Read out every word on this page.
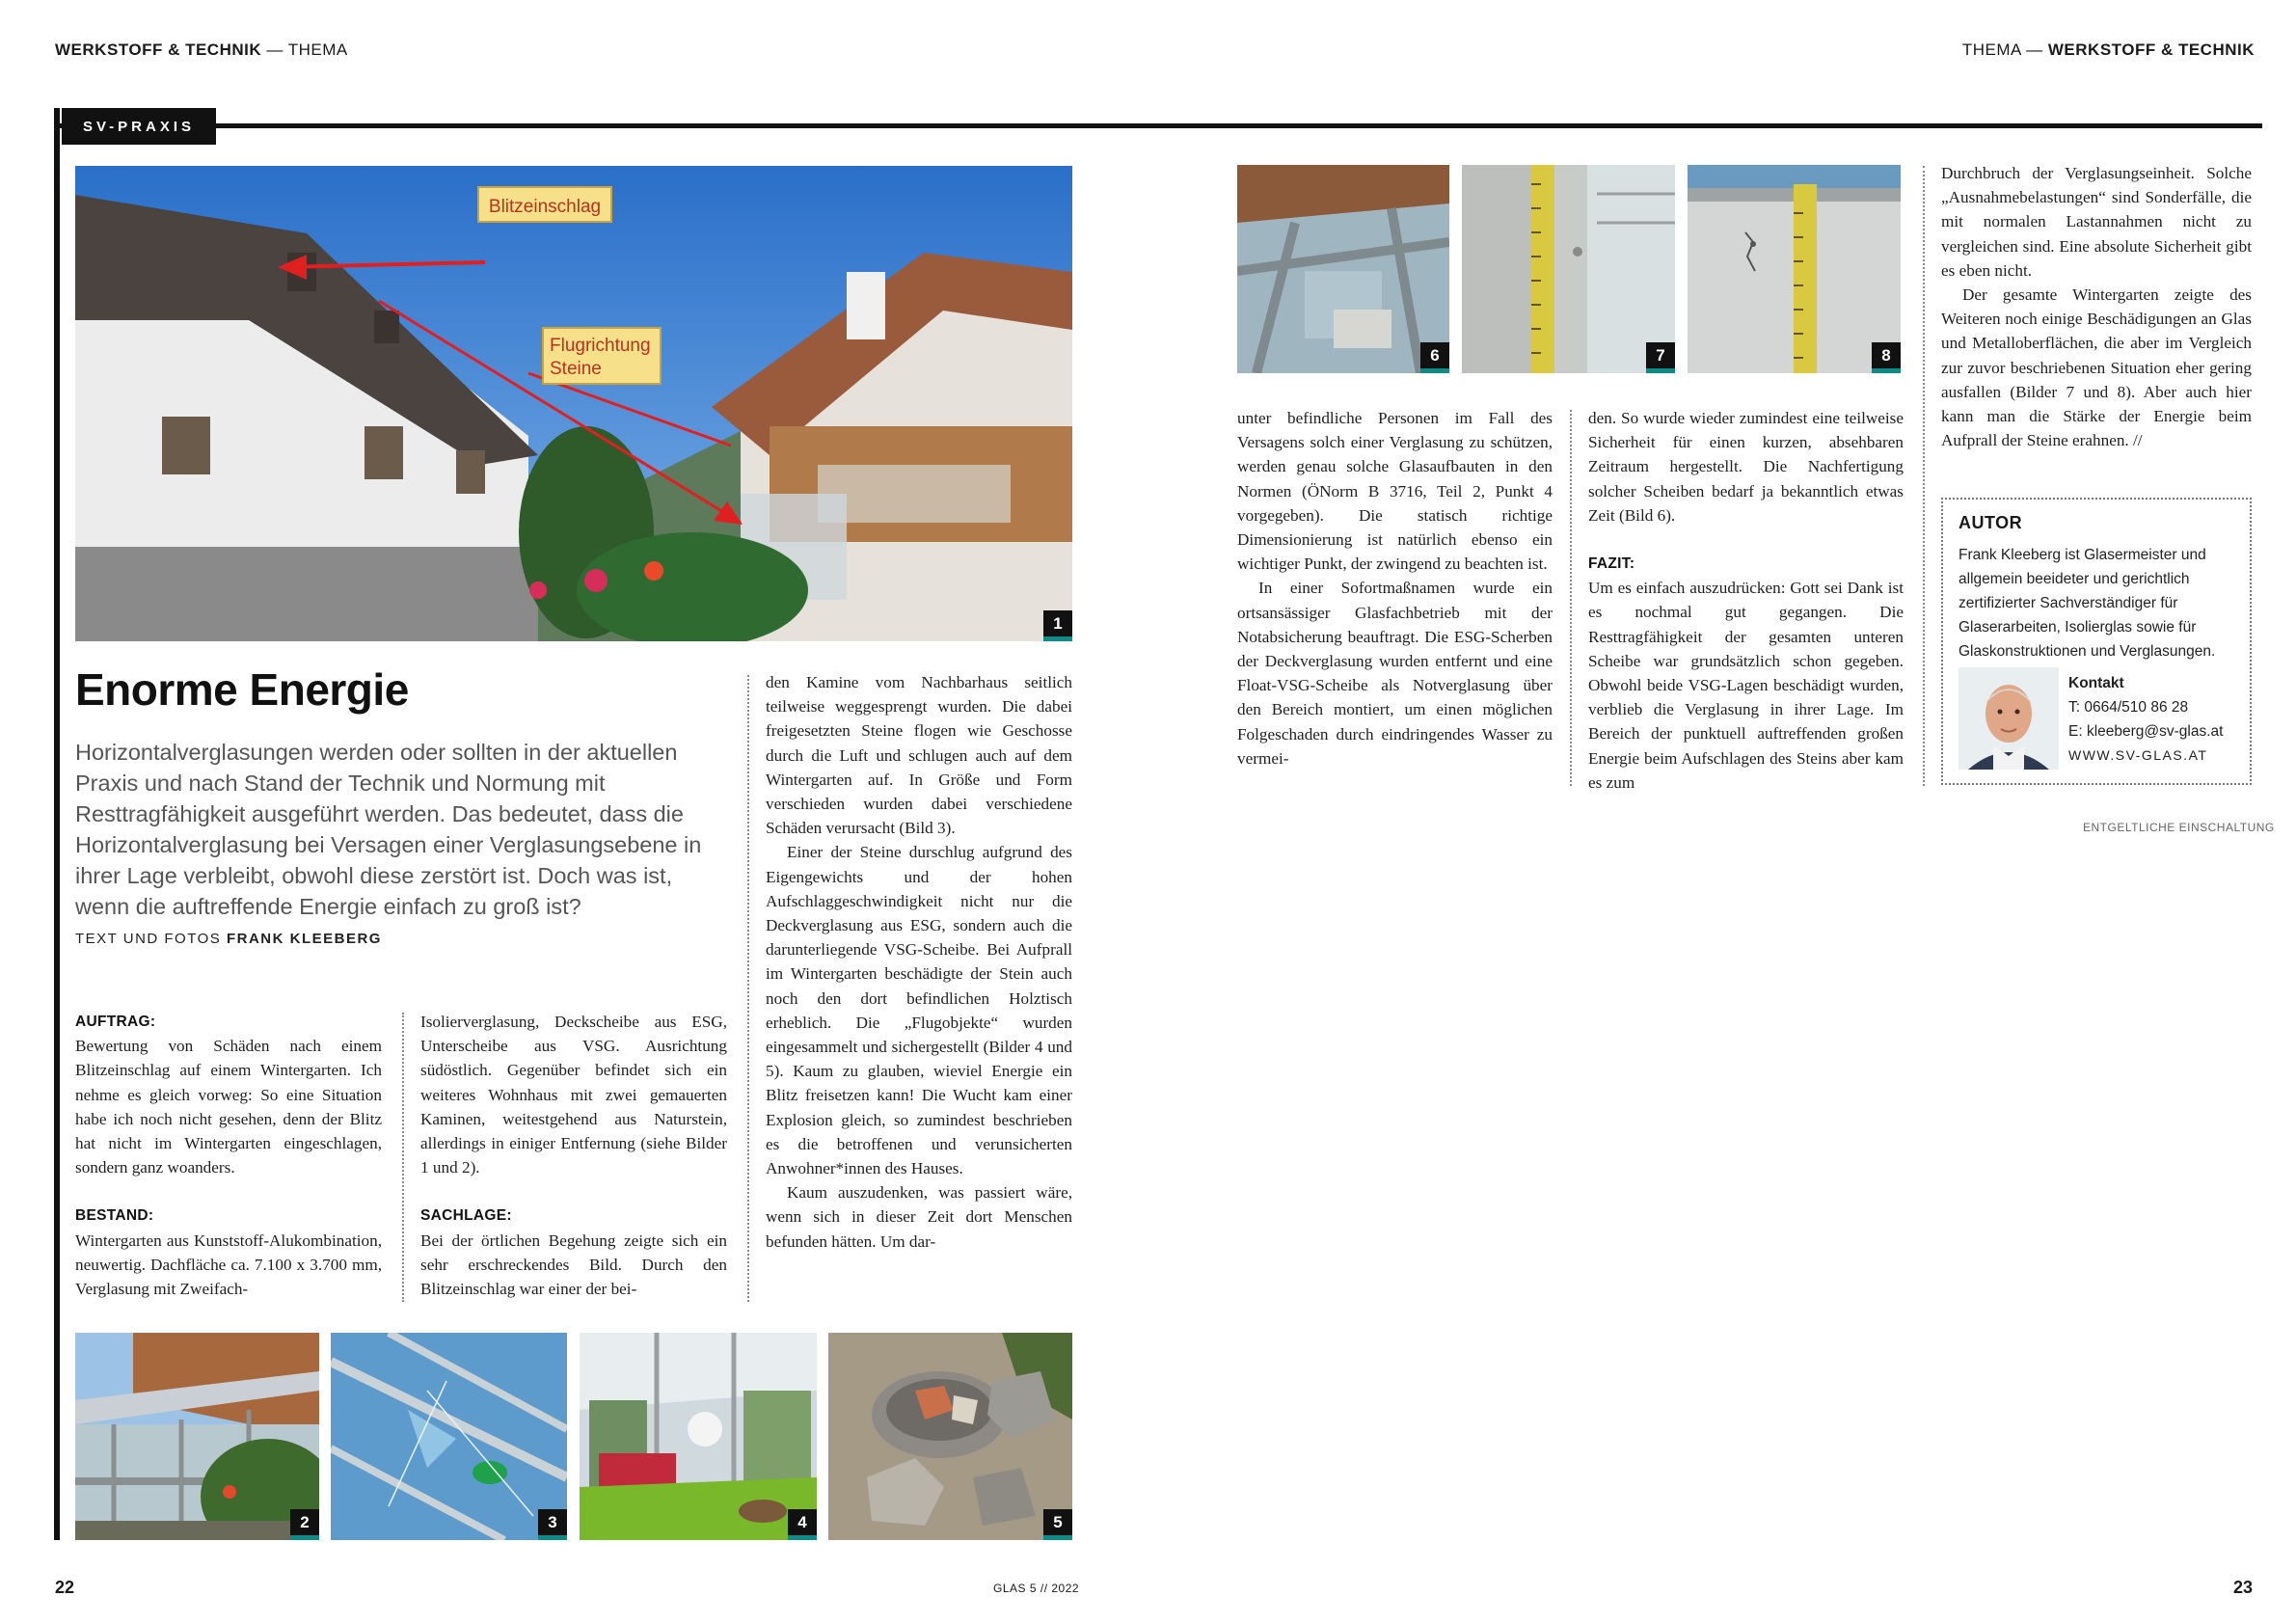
WERKSTOFF & TECHNIK — THEMA	THEMA — WERKSTOFF & TECHNIK
SV-PRAXIS
Blitzeinschlag
Flugrichtung
Steine
1
Enorme Energie
Horizontalverglasungen werden oder sollten in der aktuellen Praxis und nach Stand der Technik und Normung mit Resttragfähigkeit ausgeführt werden. Das bedeutet, dass die Horizontalverglasung bei Versagen einer Verglasungsebene in ihrer Lage verbleibt, obwohl diese zerstört ist. Doch was ist, wenn die auftreffende Energie einfach zu groß ist?
TEXT UND FOTOS FRANK KLEEBERG

AUFTRAG:

Bewertung von Schäden nach einem Blitzeinschlag auf einem Wintergarten. Ich nehme es gleich vorweg: So eine Situation habe ich noch nicht gesehen, denn der Blitz hat nicht im Wintergarten eingeschlagen, sondern ganz woanders.

BESTAND:

Wintergarten aus Kunststoff-Alukombination, neuwertig. Dachfläche ca. 7.100 x 3.700 mm, Verglasung mit Zweifach-

Isolierverglasung, Deckscheibe aus ESG, Unterscheibe aus VSG. Ausrichtung südöstlich. Gegenüber befindet sich ein weiteres Wohnhaus mit zwei gemauerten Kaminen, weitestgehend aus Naturstein, allerdings in einiger Entfernung (siehe Bilder 1 und 2).

SACHLAGE:

Bei der örtlichen Begehung zeigte sich ein sehr erschreckendes Bild. Durch den Blitzeinschlag war einer der bei-

den Kamine vom Nachbarhaus seitlich teilweise weggesprengt wurden. Die dabei freigesetzten Steine flogen wie Geschosse durch die Luft und schlugen auch auf dem Wintergarten auf. In Größe und Form verschieden wurden dabei verschiedene Schäden verursacht (Bild 3).

Einer der Steine durschlug aufgrund des Eigengewichts und der hohen Aufschlaggeschwindigkeit nicht nur die Deckverglasung aus ESG, sondern auch die darunterliegende VSG-Scheibe. Bei Aufprall im Wintergarten beschädigte der Stein auch noch den dort befindlichen Holztisch erheblich. Die „Flugobjekte“ wurden eingesammelt und sichergestellt (Bilder 4 und 5). Kaum zu glauben, wieviel Energie ein Blitz freisetzen kann! Die Wucht kam einer Explosion gleich, so zumindest beschrieben es die betroffenen und verunsicherten Anwohner*innen des Hauses.

Kaum auszudenken, was passiert wäre, wenn sich in dieser Zeit dort Menschen befunden hätten. Um dar-

2	3	4	5
6	7	8

unter befindliche Personen im Fall des Versagens solch einer Verglasung zu schützen, werden genau solche Glasaufbauten in den Normen (ÖNorm B 3716, Teil 2, Punkt 4 vorgegeben). Die statisch richtige Dimensionierung ist natürlich ebenso ein wichtiger Punkt, der zwingend zu beachten ist.

In einer Sofortmaßnamen wurde ein ortsansässiger Glasfachbetrieb mit der Notabsicherung beauftragt. Die ESG-Scherben der Deckverglasung wurden entfernt und eine Float-VSG-Scheibe als Notverglasung über den Bereich montiert, um einen möglichen Folgeschaden durch eindringendes Wasser zu vermei-

den. So wurde wieder zumindest eine teilweise Sicherheit für einen kurzen, absehbaren Zeitraum hergestellt. Die Nachfertigung solcher Scheiben bedarf ja bekanntlich etwas Zeit (Bild 6).

FAZIT:

Um es einfach auszudrücken: Gott sei Dank ist es nochmal gut gegangen. Die Resttragfähigkeit der gesamten unteren Scheibe war grundsätzlich schon gegeben. Obwohl beide VSG-Lagen beschädigt wurden, verblieb die Verglasung in ihrer Lage. Im Bereich der punktuell auftreffenden großen Energie beim Aufschlagen des Steins aber kam es zum

Durchbruch der Verglasungseinheit. Solche „Ausnahmebelastungen“ sind Sonderfälle, die mit normalen Lastannahmen nicht zu vergleichen sind. Eine absolute Sicherheit gibt es eben nicht.

Der gesamte Wintergarten zeigte des Weiteren noch einige Beschädigungen an Glas und Metalloberflächen, die aber im Vergleich zur zuvor beschriebenen Situation eher gering ausfallen (Bilder 7 und 8). Aber auch hier kann man die Stärke der Energie beim Aufprall der Steine erahnen. //

AUTOR
Frank Kleeberg ist Glasermeister und allgemein beeideter und gerichtlich zertifizierter Sachverständiger für Glaserarbeiten, Isolierglas sowie für Glaskonstruktionen und Verglasungen.
Kontakt
T: 0664/510 86 28
E: kleeberg@sv-glas.at
WWW.SV-GLAS.AT
ENTGELTLICHE EINSCHALTUNG
22	GLAS 5 // 2022	23
